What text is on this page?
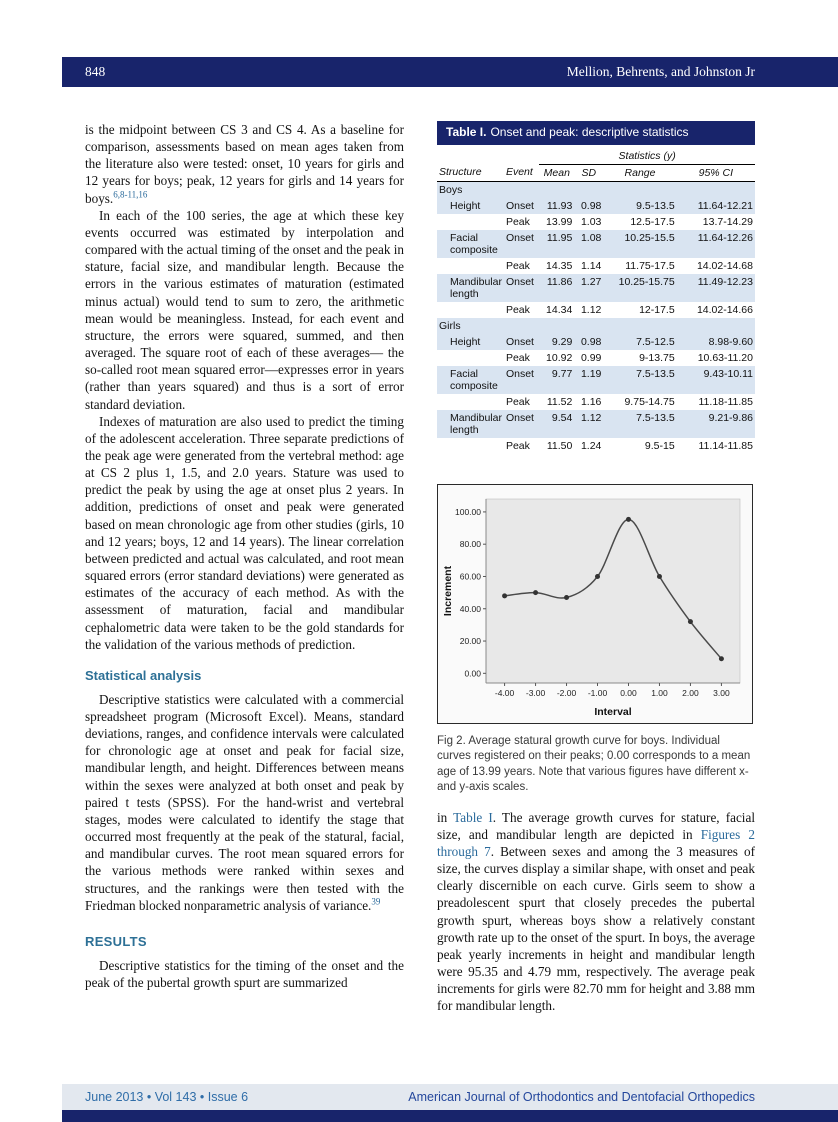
848	Mellion, Behrents, and Johnston Jr

is the midpoint between CS 3 and CS 4. As a baseline for comparison, assessments based on mean ages taken from the literature also were tested: onset, 10 years for girls and 12 years for boys; peak, 12 years for girls and 14 years for boys.$^{6,8-11,16}$

In each of the 100 series, the age at which these key events occurred was estimated by interpolation and compared with the actual timing of the onset and the peak in stature, facial size, and mandibular length. Because the errors in the various estimates of maturation (estimated minus actual) would tend to sum to zero, the arithmetic mean would be meaningless. Instead, for each event and structure, the errors were squared, summed, and then averaged. The square root of each of these averages— the so-called root mean squared error—expresses error in years (rather than years squared) and thus is a sort of error standard deviation.

Indexes of maturation are also used to predict the timing of the adolescent acceleration. Three separate predictions of the peak age were generated from the vertebral method: age at CS 2 plus 1, 1.5, and 2.0 years. Stature was used to predict the peak by using the age at onset plus 2 years. In addition, predictions of onset and peak were generated based on mean chronologic age from other studies (girls, 10 and 12 years; boys, 12 and 14 years). The linear correlation between predicted and actual was calculated, and root mean squared errors (error standard deviations) were generated as estimates of the accuracy of each method. As with the assessment of maturation, facial and mandibular cephalometric data were taken to be the gold standards for the validation of the various methods of prediction.

Statistical analysis

Descriptive statistics were calculated with a commercial spreadsheet program (Microsoft Excel). Means, standard deviations, ranges, and confidence intervals were calculated for chronologic age at onset and peak for facial size, mandibular length, and height. Differences between means within the sexes were analyzed at both onset and peak by paired t tests (SPSS). For the hand-wrist and vertebral stages, modes were calculated to identify the stage that occurred most frequently at the peak of the statural, facial, and mandibular curves. The root mean squared errors for the various methods were ranked within sexes and structures, and the rankings were then tested with the Friedman blocked nonparametric analysis of variance.$^{39}$

RESULTS

Descriptive statistics for the timing of the onset and the peak of the pubertal growth spurt are summarized

Table I. Onset and peak: descriptive statistics
		Statistics (y)			
Structure	Event	Mean	SD	Range	95% CI
Boys					
Height	Onset	11.93	0.98	9.5-13.5	11.64-12.21
	Peak	13.99	1.03	12.5-17.5	13.7-14.29
Facial composite	Onset	11.95	1.08	10.25-15.5	11.64-12.26
	Peak	14.35	1.14	11.75-17.5	14.02-14.68
Mandibular length	Onset	11.86	1.27	10.25-15.75	11.49-12.23
	Peak	14.34	1.12	12-17.5	14.02-14.66
Girls					
Height	Onset	9.29	0.98	7.5-12.5	8.98-9.60
	Peak	10.92	0.99	9-13.75	10.63-11.20
Facial composite	Onset	9.77	1.19	7.5-13.5	9.43-10.11
	Peak	11.52	1.16	9.75-14.75	11.18-11.85
Mandibular length	Onset	9.54	1.12	7.5-13.5	9.21-9.86
	Peak	11.50	1.24	9.5-15	11.14-11.85
0.00
20.00
40.00
60.00
80.00
100.00
-4.00 -3.00 -2.00 -1.00 0.00 1.00 2.00 3.00
Interval
Increment

Fig 2. Average statural growth curve for boys. Individual curves registered on their peaks; 0.00 corresponds to a mean age of 13.99 years. Note that various figures have different x- and y-axis scales.

in Table I. The average growth curves for stature, facial size, and mandibular length are depicted in Figures 2 through 7. Between sexes and among the 3 measures of size, the curves display a similar shape, with onset and peak clearly discernible on each curve. Girls seem to show a preadolescent spurt that closely precedes the pubertal growth spurt, whereas boys show a relatively constant growth rate up to the onset of the spurt. In boys, the average peak yearly increments in height and mandibular length were 95.35 and 4.79 mm, respectively. The average peak increments for girls were 82.70 mm for height and 3.88 mm for mandibular length.

June 2013 • Vol 143 • Issue 6	American Journal of Orthodontics and Dentofacial Orthopedics
